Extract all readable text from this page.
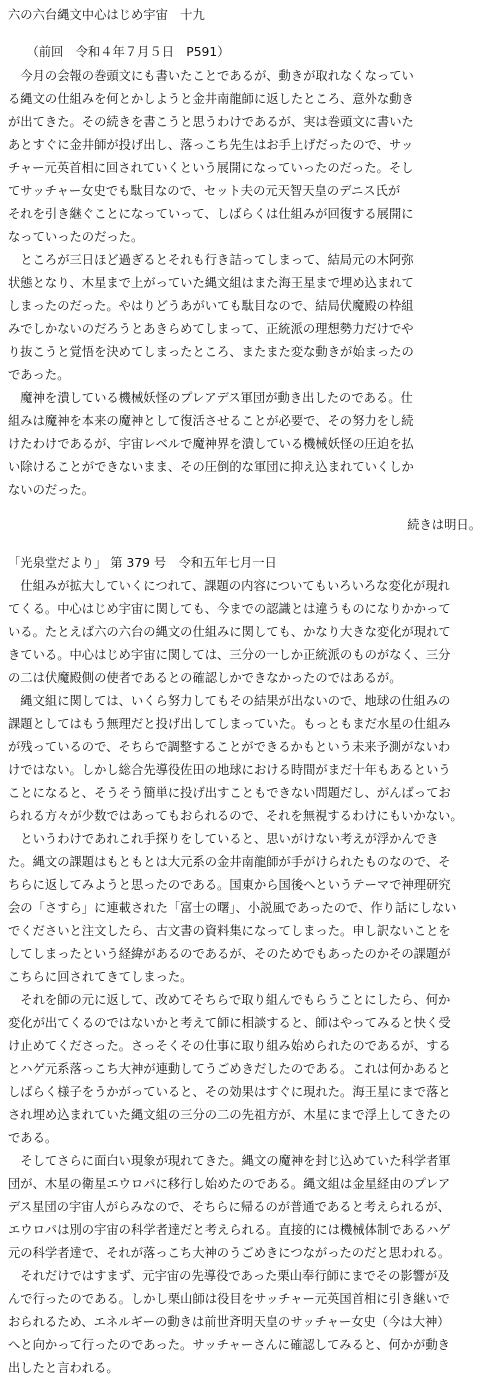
六の六台縄文中心はじめ宇宙　十九
　　（前回　令和４年７月５日　P591）
　今月の会報の巻頭文にも書いたことであるが、動きが取れなくなってい
る縄文の仕組みを何とかしようと金井南龍師に返したところ、意外な動き
が出てきた。その続きを書こうと思うわけであるが、実は巻頭文に書いた
あとすぐに金井師が投げ出し、落っこち先生はお手上げだったので、サッ
チャー元英首相に回されていくという展開になっていったのだった。そし
てサッチャー女史でも駄目なので、セット夫の元天智天皇のデニス氏が
それを引き継ぐことになっていって、しばらくは仕組みが回復する展開に
なっていったのだった。
　ところが三日ほど過ぎるとそれも行き詰ってしまって、結局元の木阿弥
状態となり、木星まで上がっていた縄文組はまた海王星まで埋め込まれて
しまったのだった。やはりどうあがいても駄目なので、結局伏魔殿の枠組
みでしかないのだろうとあきらめてしまって、正統派の理想勢力だけでや
り抜こうと覚悟を決めてしまったところ、またまた変な動きが始まったの
であった。
　魔神を潰している機械妖怪のプレアデス軍団が動き出したのである。仕
組みは魔神を本来の魔神として復活させることが必要で、その努力をし続
けたわけであるが、宇宙レベルで魔神界を潰している機械妖怪の圧迫を払
い除けることができないまま、その圧倒的な軍団に抑え込まれていくしか
ないのだった。
続きは明日。
「光泉堂だより」 第 379 号　令和五年七月一日
　仕組みが拡大していくにつれて、課題の内容についてもいろいろな変化が現れ
てくる。中心はじめ宇宙に関しても、今までの認識とは違うものになりかかって
いる。たとえば六の六台の縄文の仕組みに関しても、かなり大きな変化が現れて
きている。中心はじめ宇宙に関しては、三分の一しか正統派のものがなく、三分
の二は伏魔殿側の使者であるとの確認しかできなかったのではあるが。
　縄文組に関しては、いくら努力してもその結果が出ないので、地球の仕組みの
課題としてはもう無理だと投げ出してしまっていた。もっともまだ水星の仕組み
が残っているので、そちらで調整することができるかもという未来予測がないわ
けではない。しかし総合先導役佐田の地球における時間がまだ十年もあるという
ことになると、そうそう簡単に投げ出すこともできない問題だし、がんばってお
られる方々が少数ではあってもおられるので、それを無視するわけにもいかない。
　というわけであれこれ手探りをしていると、思いがけない考えが浮かんでき
た。縄文の課題はもともとは大元系の金井南龍師が手がけられたものなので、そ
ちらに返してみようと思ったのである。国東から国後へというテーマで神理研究
会の「さすら」に連載された「富士の曙」、小説風であったので、作り話にしない
でくださいと注文したら、古文書の資料集になってしまった。申し訳ないことを
してしまったという経緯があるのであるが、そのためでもあったのかその課題が
こちらに回されてきてしまった。
　それを師の元に返して、改めてそちらで取り組んでもらうことにしたら、何か
変化が出てくるのではないかと考えて師に相談すると、師はやってみると快く受
け止めてくださった。さっそくその仕事に取り組み始められたのであるが、する
とハゲ元系落っこち大神が連動してうごめきだしたのである。これは何かあると
しばらく様子をうかがっていると、その効果はすぐに現れた。海王星にまで落と
され埋め込まれていた縄文組の三分の二の先祖方が、木星にまで浮上してきたの
である。
　そしてさらに面白い現象が現れてきた。縄文の魔神を封じ込めていた科学者軍
団が、木星の衛星エウロパに移行し始めたのである。縄文組は金星経由のプレア
デス星団の宇宙人がらみなので、そちらに帰るのが普通であると考えられるが、
エウロパは別の宇宙の科学者達だと考えられる。直接的には機械体制であるハゲ
元の科学者達で、それが落っこち大神のうごめきにつながったのだと思われる。
　それだけではすまず、元宇宙の先導役であった栗山奉行師にまでその影響が及
んで行ったのである。しかし栗山師は役目をサッチャー元英国首相に引き継いで
おられるため、エネルギーの動きは前世斉明天皇のサッチャー女史（今は大神）
へと向かって行ったのであった。サッチャーさんに確認してみると、何かが動き
出したと言われる。
